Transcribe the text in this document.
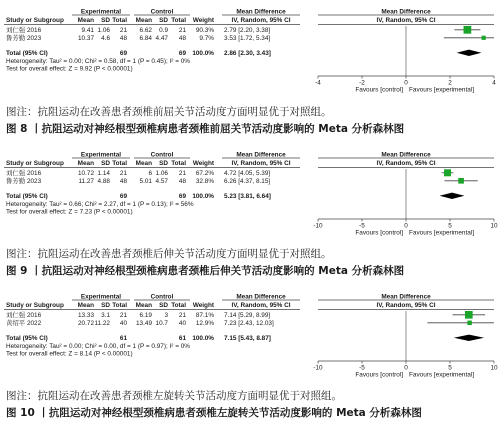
Experimental	Control	Mean Difference	Mean Difference
Study or Subgroup Mean SD Total Mean SD Total Weight	IV, Random, 95% CI	IV, Random, 95% CI
刘仁强 2016	9.41 1.06 21 6.62 0.9 21 90.3% 2.79 [2.20, 3.38]
鲁芳勤 2023	10.37 4.6 48 6.84 4.47 48 9.7% 3.53 [1.72, 5.34]
Total (95% CI)	69	69 100.0% 2.86 [2.30, 3.43]
Heterogeneity: Tau² = 0.00; Chi² = 0.58, df = 1 (P = 0.45); I² = 0%
Test for overall effect: Z = 9.92 (P < 0.00001)
-4	-2	0	2	4
Favours [control] Favours [experimental]
图注：抗阻运动在改善患者颈椎前屈关节活动度方面明显优于对照组。
图 8 丨抗阻运动对神经根型颈椎病患者颈椎前屈关节活动度影响的 Meta 分析森林图
Experimental	Control	Mean Difference	Mean Difference
Study or Subgroup Mean SD Total Mean SD Total Weight	IV, Random, 95% CI	IV, Random, 95% CI
刘仁强 2016	10.72 1.14 21	6 1.06 21 67.2% 4.72 [4.05, 5.39]
鲁芳勤 2023	11.27 4.88 48 5.01 4.57 48 32.8% 6.26 [4.37, 8.15]
Total (95% CI)	69	69 100.0% 5.23 [3.81, 6.64]
Heterogeneity: Tau² = 0.66; Chi² = 2.27, df = 1 (P = 0.13); I² = 56%
Test for overall effect: Z = 7.23 (P < 0.00001)
-10	-5	0	5	10
Favours [control] Favours [experimental]
图注：抗阻运动在改善患者颈椎后伸关节活动度方面明显优于对照组。
图 9 丨抗阻运动对神经根型颈椎病患者颈椎后伸关节活动度影响的 Meta 分析森林图
Experimental	Control	Mean Difference	Mean Difference
Study or Subgroup Mean SD Total Mean SD Total Weight	IV, Random, 95% CI	IV, Random, 95% CI
刘仁强 2016	13.33 3.1 21 6.19 3 21 87.1% 7.14 [5.29, 8.99]
黄绍平 2022	20.72 11.22 40 13.49 10.7 40 12.9% 7.23 [2.43, 12.03]
Total (95% CI)	61	61 100.0% 7.15 [5.43, 8.87]
Heterogeneity: Tau² = 0.00; Chi² = 0.00, df = 1 (P = 0.97); I² = 0%
Test for overall effect: Z = 8.14 (P < 0.00001)
-10	-5	0	5	10
Favours [control] Favours [experimental]
图注：抗阻运动在改善患者颈椎左旋转关节活动度方面明显优于对照组。
图 10 丨抗阻运动对神经根型颈椎病患者颈椎左旋转关节活动度影响的 Meta 分析森林图
